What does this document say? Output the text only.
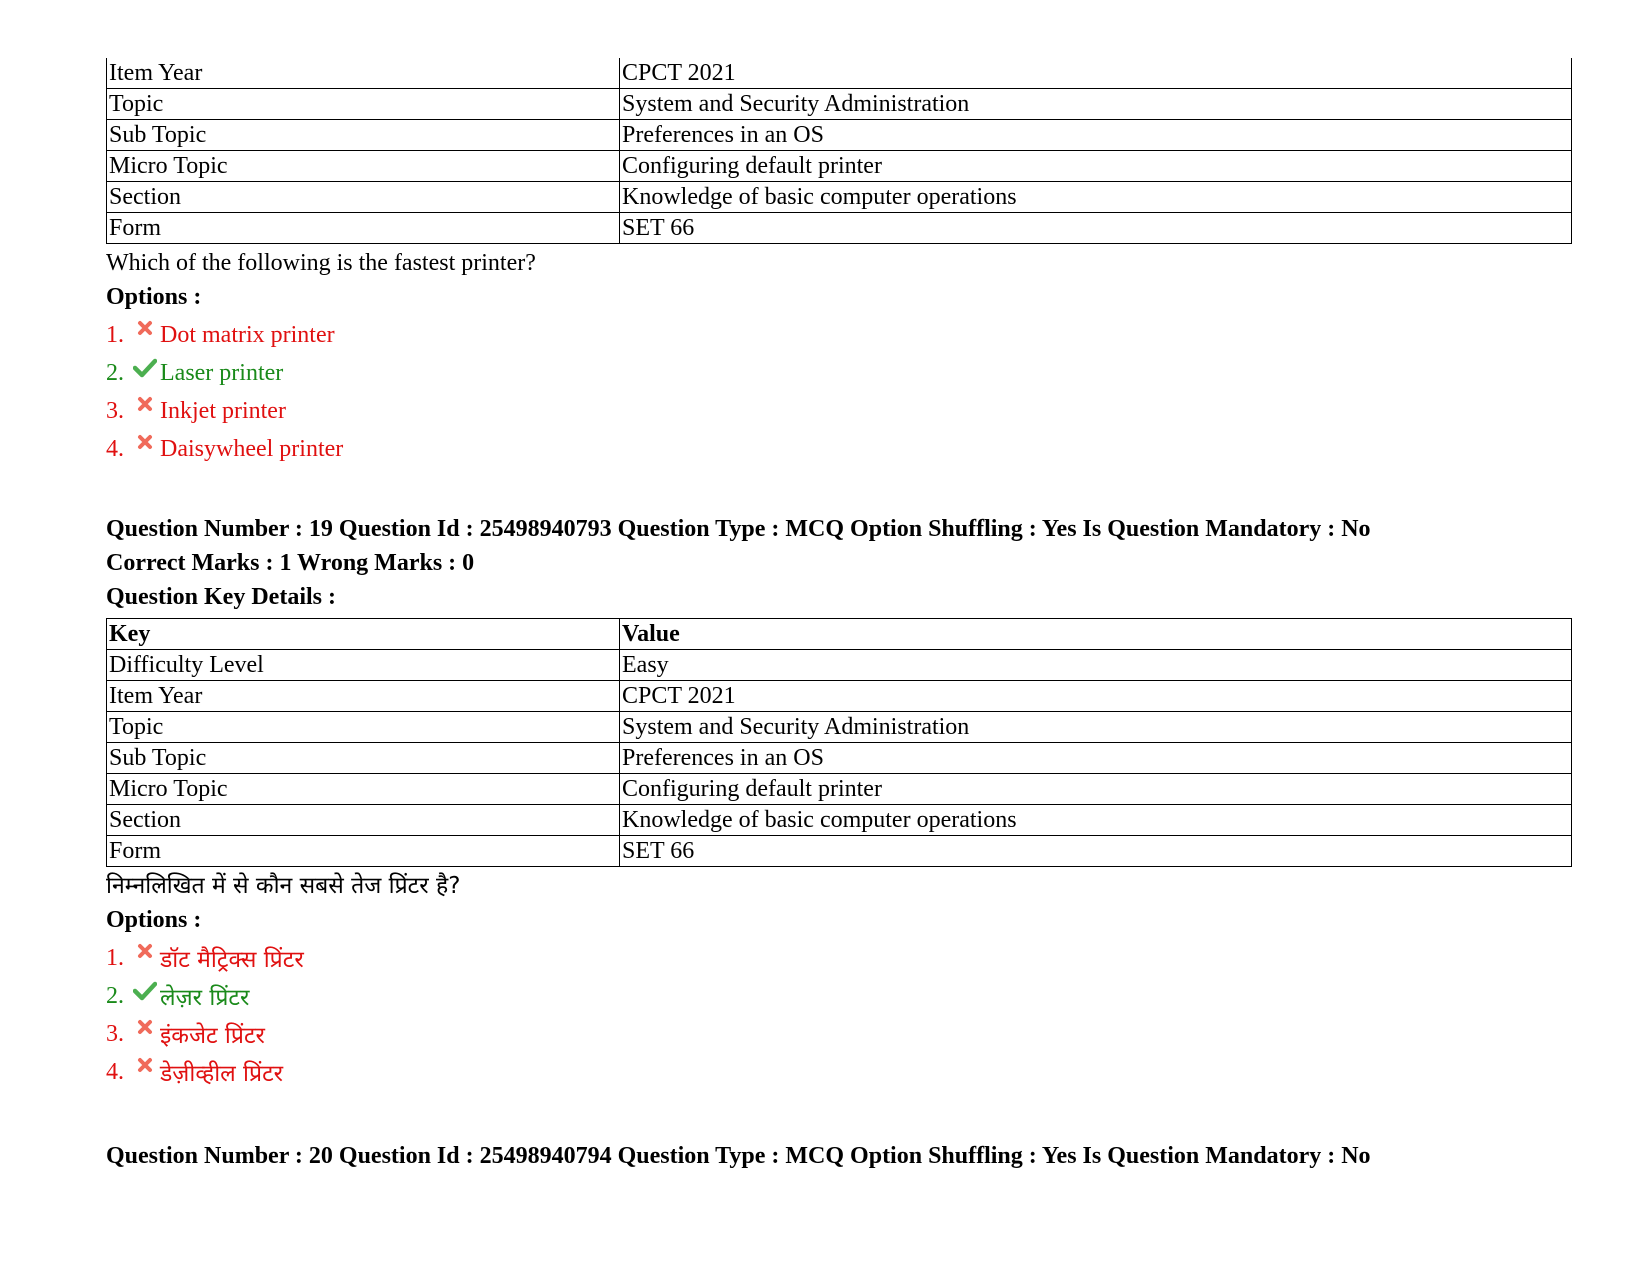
Item Year	CPCT 2021
Topic	System and Security Administration
Sub Topic	Preferences in an OS
Micro Topic	Configuring default printer
Section	Knowledge of basic computer operations
Form	SET 66
Which of the following is the fastest printer?
Options :
1. Dot matrix printer
2. Laser printer
3. Inkjet printer
4. Daisywheel printer
Question Number : 19 Question Id : 25498940793 Question Type : MCQ Option Shuffling : Yes Is Question Mandatory : No
Correct Marks : 1 Wrong Marks : 0
Question Key Details :
Key	Value
Difficulty Level	Easy
Item Year	CPCT 2021
Topic	System and Security Administration
Sub Topic	Preferences in an OS
Micro Topic	Configuring default printer
Section	Knowledge of basic computer operations
Form	SET 66
निम्नलिखित में से कौन सबसे तेज प्रिंटर है?
Options :
1. डॉट मैट्रिक्स प्रिंटर
2. लेज़र प्रिंटर
3. इंकजेट प्रिंटर
4. डेज़ीव्हील प्रिंटर
Question Number : 20 Question Id : 25498940794 Question Type : MCQ Option Shuffling : Yes Is Question Mandatory : No
